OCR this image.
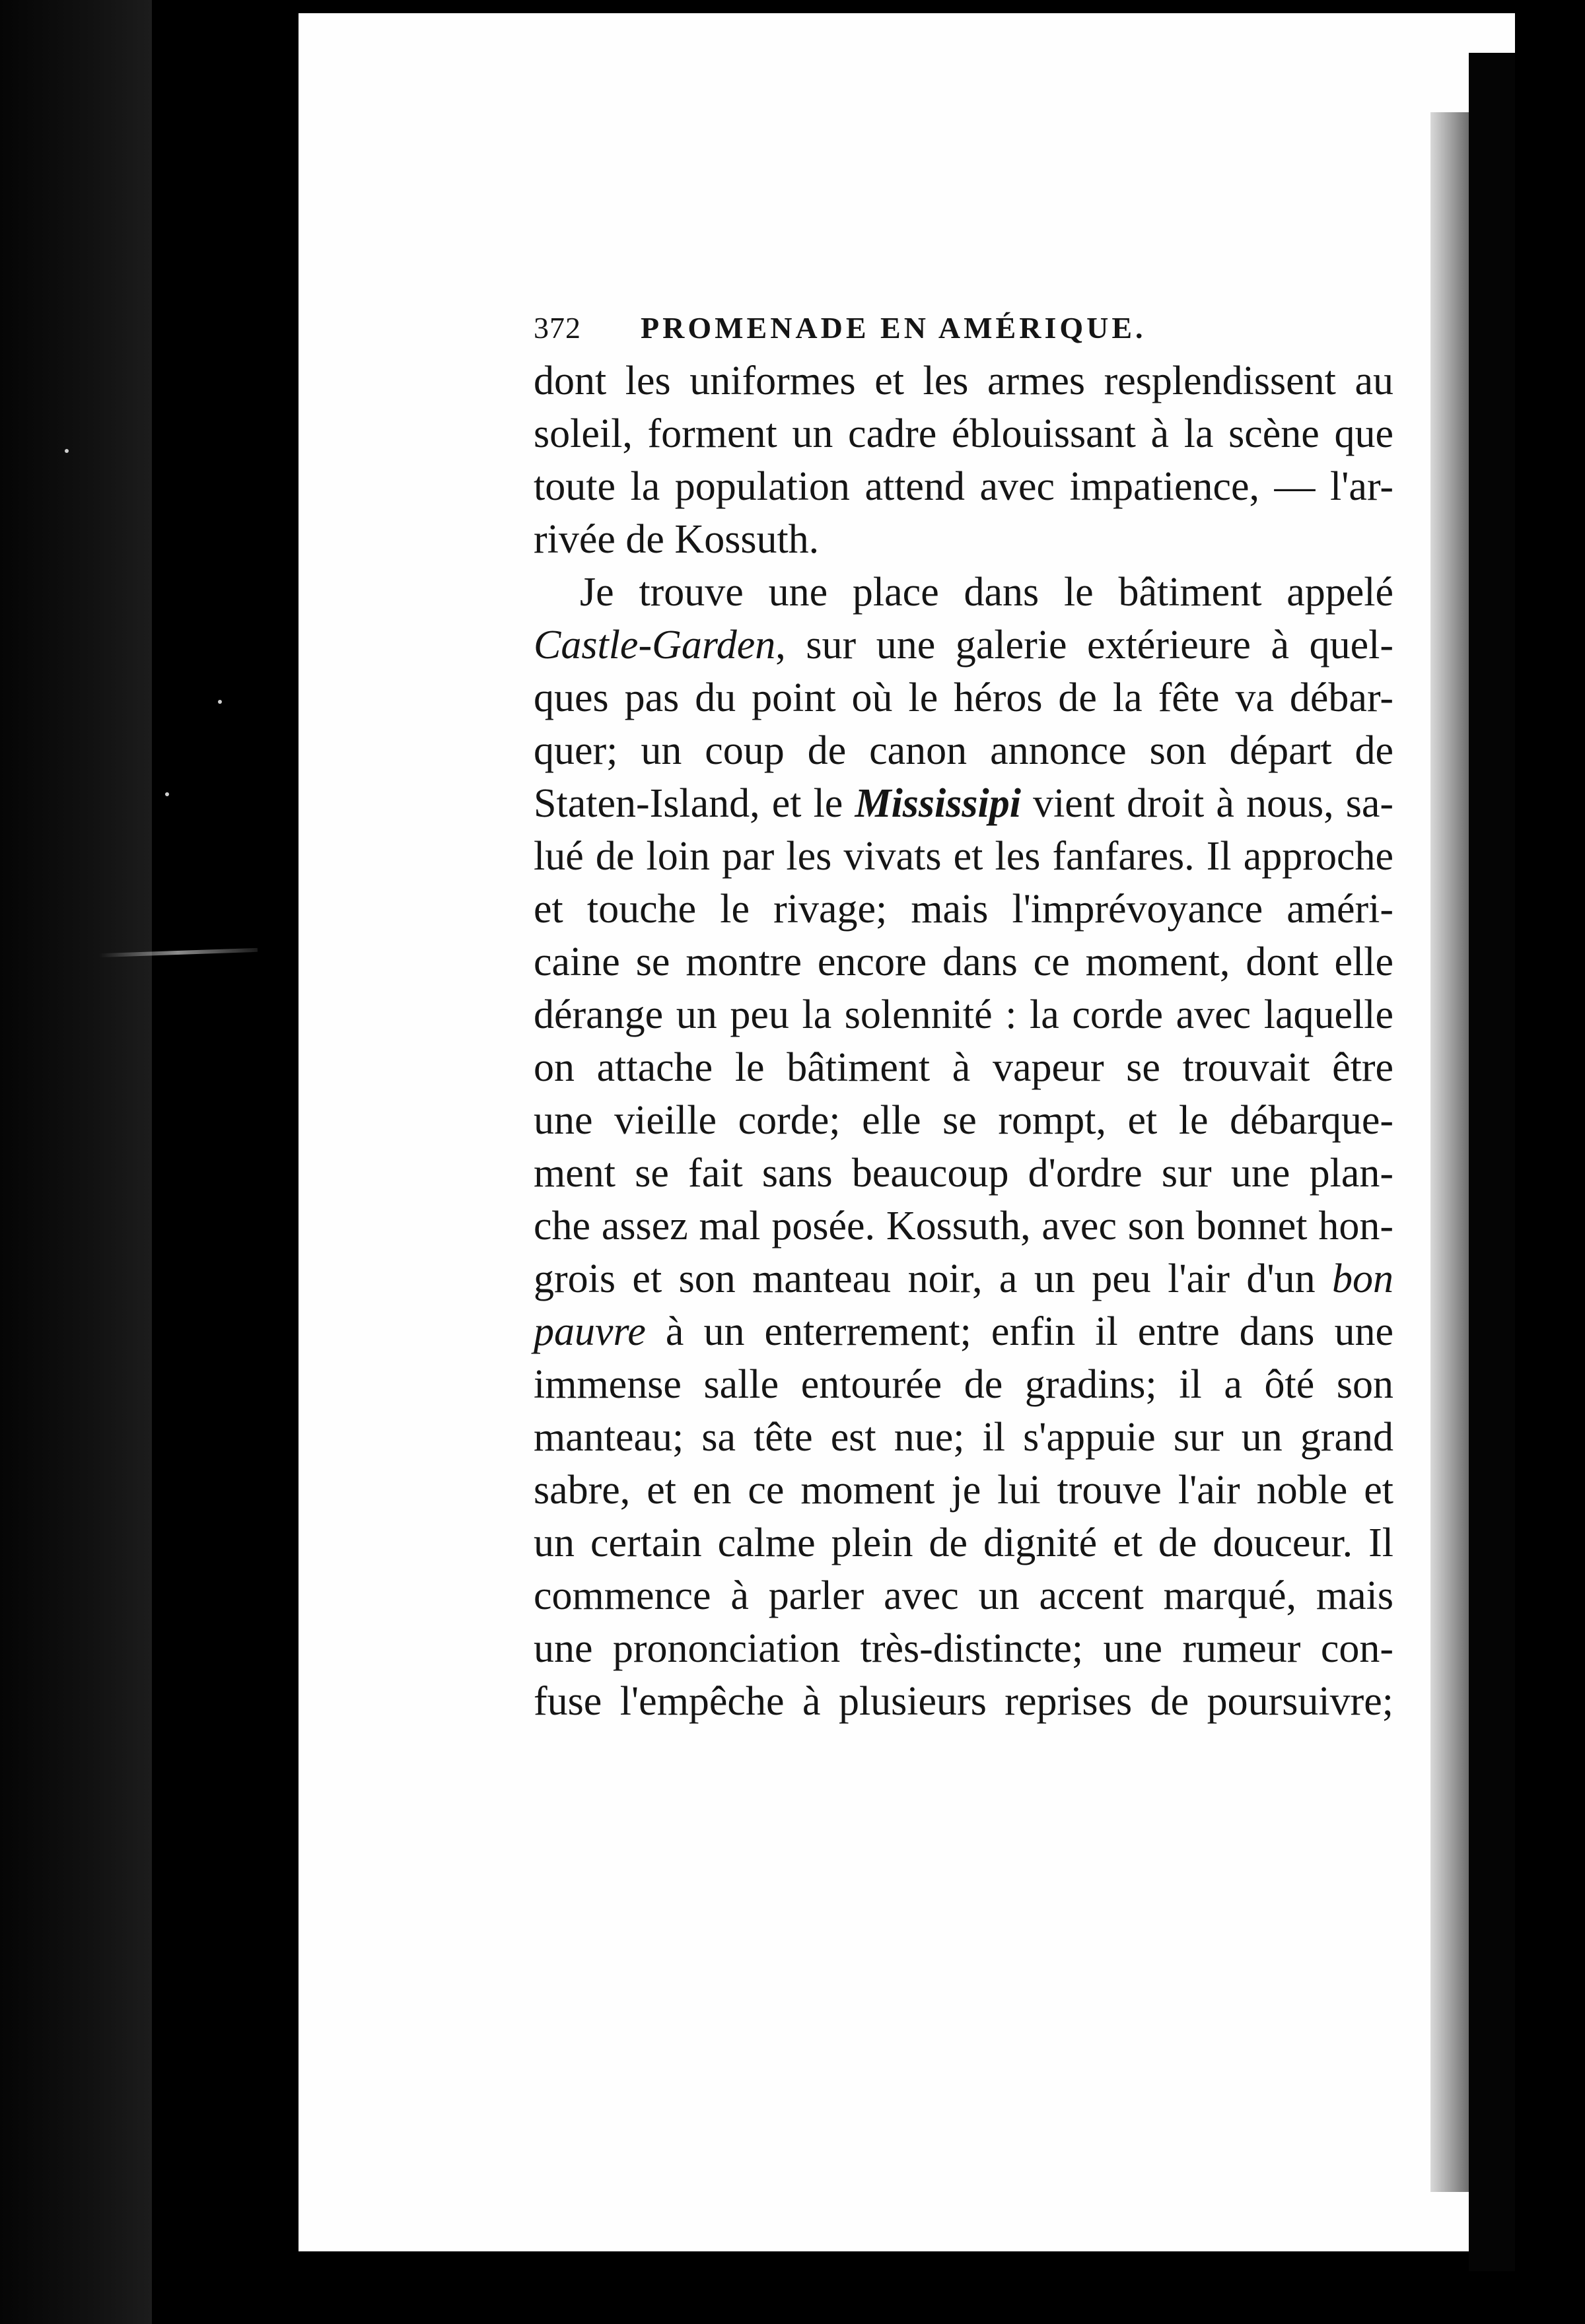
372 PROMENADE EN AMÉRIQUE.
dont les uniformes et les armes resplendissent au
soleil, forment un cadre éblouissant à la scène que
toute la population attend avec impatience, — l'ar-
rivée de Kossuth.
Je trouve une place dans le bâtiment appelé
Castle-Garden, sur une galerie extérieure à quel-
ques pas du point où le héros de la fête va débar-
quer; un coup de canon annonce son départ de
Staten-Island, et le Mississipi vient droit à nous, sa-
lué de loin par les vivats et les fanfares. Il approche
et touche le rivage; mais l'imprévoyance améri-
caine se montre encore dans ce moment, dont elle
dérange un peu la solennité : la corde avec laquelle
on attache le bâtiment à vapeur se trouvait être
une vieille corde; elle se rompt, et le débarque-
ment se fait sans beaucoup d'ordre sur une plan-
che assez mal posée. Kossuth, avec son bonnet hon-
grois et son manteau noir, a un peu l'air d'un bon
pauvre à un enterrement; enfin il entre dans une
immense salle entourée de gradins; il a ôté son
manteau; sa tête est nue; il s'appuie sur un grand
sabre, et en ce moment je lui trouve l'air noble et
un certain calme plein de dignité et de douceur. Il
commence à parler avec un accent marqué, mais
une prononciation très-distincte; une rumeur con-
fuse l'empêche à plusieurs reprises de poursuivre;
